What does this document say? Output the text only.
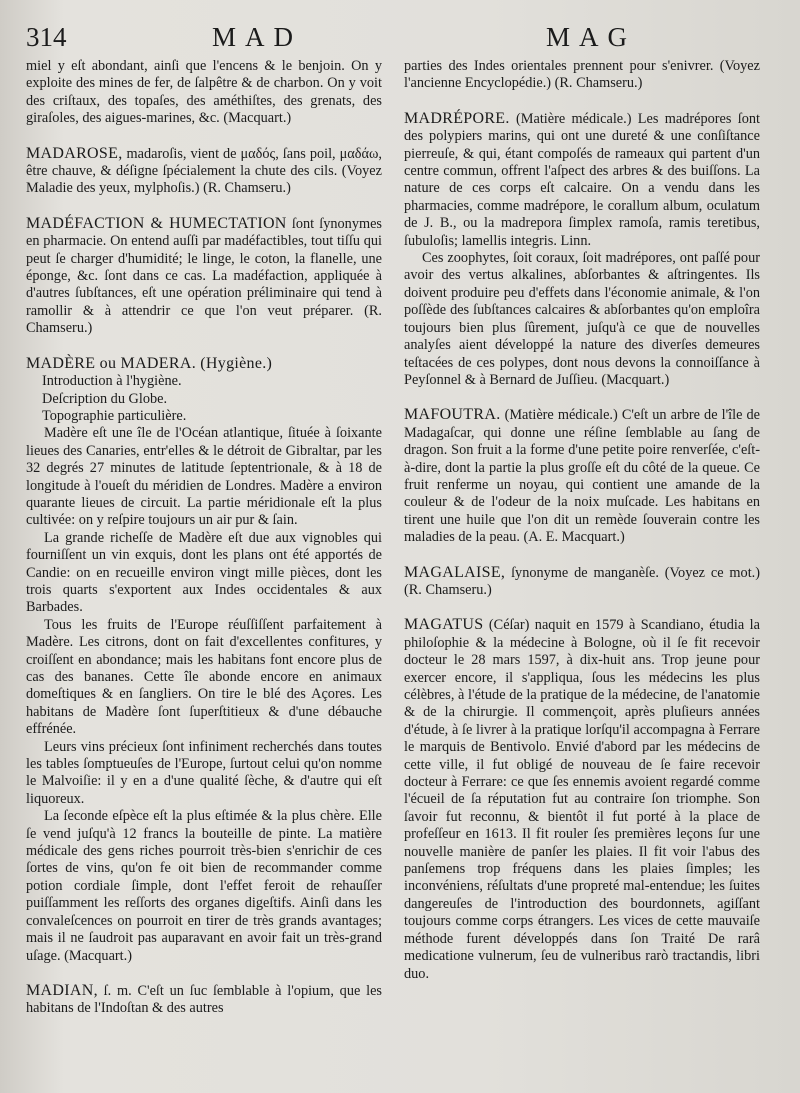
314	MAD	MAG

miel y eſt abondant, ainſi que l'encens & le benjoin. On y exploite des mines de fer, de ſalpêtre & de charbon. On y voit des criſtaux, des topaſes, des améthiſtes, des grenats, des giraſoles, des aigues-marines, &c. (Macquart.)

MADAROSE, madaroſis, vient de μαδός, ſans poil, μαδάω, être chauve, & déſigne ſpécialement la chute des cils. (Voyez Maladie des yeux, mylphoſis.) (R. Chamseru.)

MADÉFACTION & HUMECTATION ſont ſynonymes en pharmacie. On entend auſſi par madéfactibles, tout tiſſu qui peut ſe charger d'humidité; le linge, le coton, la flanelle, une éponge, &c. ſont dans ce cas. La madéfaction, appliquée à d'autres ſubſtances, eſt une opération préliminaire qui tend à ramollir & à attendrir ce que l'on veut préparer. (R. Chamseru.)

MADÈRE ou MADERA. (Hygiène.)

Introduction à l'hygiène.

Deſcription du Globe.

Topographie particulière.

Madère eſt une île de l'Océan atlantique, ſituée à ſoixante lieues des Canaries, entr'elles & le détroit de Gibraltar, par les 32 degrés 27 minutes de latitude ſeptentrionale, & à 18 de longitude à l'oueſt du méridien de Londres. Madère a environ quarante lieues de circuit. La partie méridionale eſt la plus cultivée: on y reſpire toujours un air pur & ſain.

La grande richeſſe de Madère eſt due aux vignobles qui fourniſſent un vin exquis, dont les plans ont été apportés de Candie: on en recueille environ vingt mille pièces, dont les trois quarts s'exportent aux Indes occidentales & aux Barbades.

Tous les fruits de l'Europe réuſſiſſent parfaitement à Madère. Les citrons, dont on fait d'excellentes confitures, y croiſſent en abondance; mais les habitans font encore plus de cas des bananes. Cette île abonde encore en animaux domeſtiques & en ſangliers. On tire le blé des Açores. Les habitans de Madère ſont ſuperſtitieux & d'une débauche effrénée.

Leurs vins précieux ſont infiniment recherchés dans toutes les tables ſomptueuſes de l'Europe, ſurtout celui qu'on nomme le Malvoiſie: il y en a d'une qualité ſèche, & d'autre qui eſt liquoreux.

La ſeconde eſpèce eſt la plus eſtimée & la plus chère. Elle ſe vend juſqu'à 12 francs la bouteille de pinte. La matière médicale des gens riches pourroit très-bien s'enrichir de ces ſortes de vins, qu'on fe oit bien de recommander comme potion cordiale ſimple, dont l'effet feroit de rehauſſer puiſſamment les reſſorts des organes digeſtifs. Ainſi dans les convaleſcences on pourroit en tirer de très grands avantages; mais il ne ſaudroit pas auparavant en avoir fait un très-grand uſage. (Macquart.)

MADIAN, ſ. m. C'eſt un ſuc ſemblable à l'opium, que les habitans de l'Indoſtan & des autres

parties des Indes orientales prennent pour s'enivrer. (Voyez l'ancienne Encyclopédie.) (R. Chamseru.)

MADRÉPORE. (Matière médicale.) Les madrépores ſont des polypiers marins, qui ont une dureté & une conſiſtance pierreuſe, & qui, étant compoſés de rameaux qui partent d'un centre commun, offrent l'aſpect des arbres & des buiſſons. La nature de ces corps eſt calcaire. On a vendu dans les pharmacies, comme madrépore, le corallum album, oculatum de J. B., ou la madrepora ſimplex ramoſa, ramis teretibus, ſubuloſis; lamellis integris. Linn.

Ces zoophytes, ſoit coraux, ſoit madrépores, ont paſſé pour avoir des vertus alkalines, abſorbantes & aſtringentes. Ils doivent produire peu d'effets dans l'économie animale, & l'on poſſède des ſubſtances calcaires & abſorbantes qu'on emploîra toujours bien plus ſûrement, juſqu'à ce que de nouvelles analyſes aient développé la nature des diverſes demeures teſtacées de ces polypes, dont nous devons la connoiſſance à Peyſonnel & à Bernard de Juſſieu. (Macquart.)

MAFOUTRA. (Matière médicale.) C'eſt un arbre de l'île de Madagaſcar, qui donne une réſine ſemblable au ſang de dragon. Son fruit a la forme d'une petite poire renverſée, c'eſt-à-dire, dont la partie la plus groſſe eſt du côté de la queue. Ce fruit renferme un noyau, qui contient une amande de la couleur & de l'odeur de la noix muſcade. Les habitans en tirent une huile que l'on dit un remède ſouverain contre les maladies de la peau. (A. E. Macquart.)

MAGALAISE, ſynonyme de manganèſe. (Voyez ce mot.) (R. Chamseru.)

MAGATUS (Céſar) naquit en 1579 à Scandiano, étudia la philoſophie & la médecine à Bologne, où il ſe fit recevoir docteur le 28 mars 1597, à dix-huit ans. Trop jeune pour exercer encore, il s'appliqua, ſous les médecins les plus célèbres, à l'étude de la pratique de la médecine, de l'anatomie & de la chirurgie. Il commençoit, après pluſieurs années d'étude, à ſe livrer à la pratique lorſqu'il accompagna à Ferrare le marquis de Bentivolo. Envié d'abord par les médecins de cette ville, il fut obligé de nouveau de ſe faire recevoir docteur à Ferrare: ce que ſes ennemis avoient regardé comme l'écueil de ſa réputation fut au contraire ſon triomphe. Son ſavoir fut reconnu, & bientôt il fut porté à la place de profeſſeur en 1613. Il fit rouler ſes premières leçons ſur une nouvelle manière de panſer les plaies. Il fit voir l'abus des panſemens trop fréquens dans les plaies ſimples; les inconvéniens, réſultats d'une propreté mal-entendue; les ſuites dangereuſes de l'introduction des bourdonnets, agiſſant toujours comme corps étrangers. Les vices de cette mauvaiſe méthode furent développés dans ſon Traité De rarâ medicatione vulnerum, ſeu de vulneribus rarò tractandis, libri duo.
